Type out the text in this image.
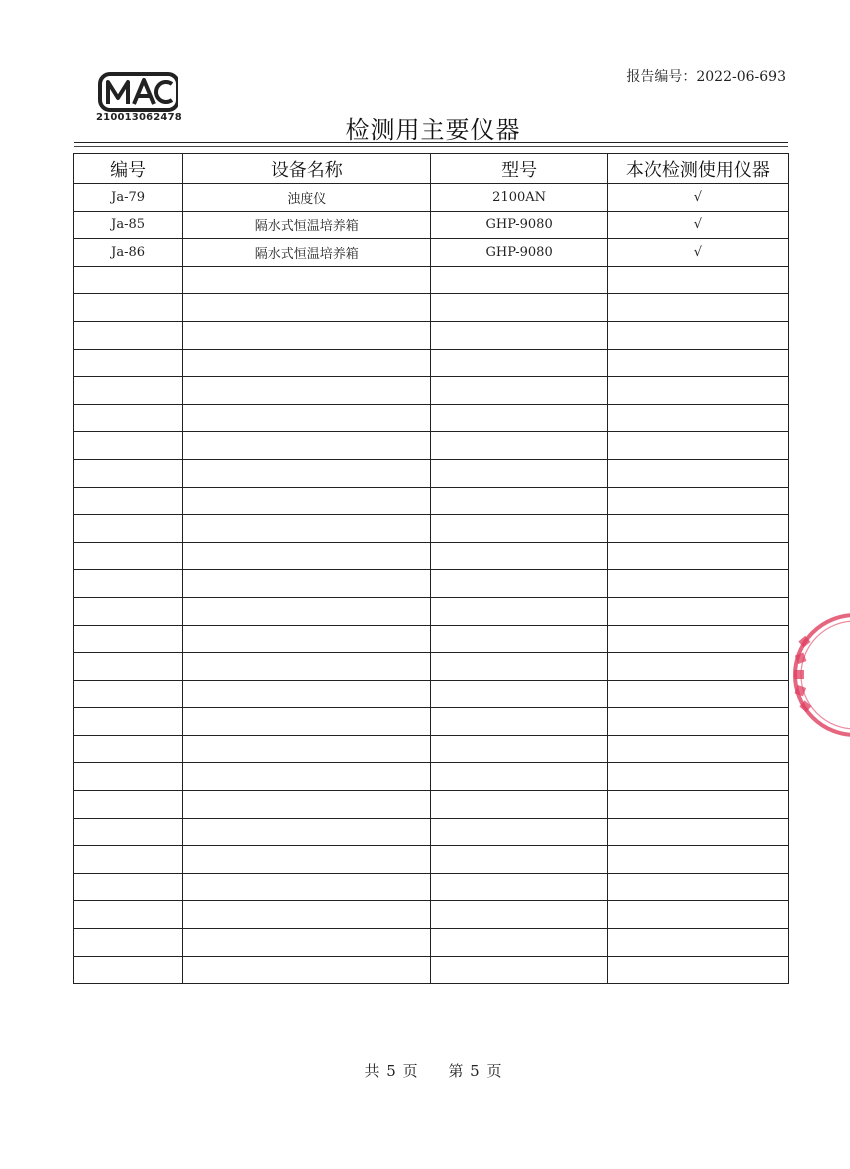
210013062478
报告编号：2022-06-693
检测用主要仪器
编号	设备名称	型号	本次检测使用仪器
Ja-79	浊度仪	2100AN	√
Ja-85	隔水式恒温培养箱	GHP-9080	√
Ja-86	隔水式恒温培养箱	GHP-9080	√

共 5 页 第 5 页
